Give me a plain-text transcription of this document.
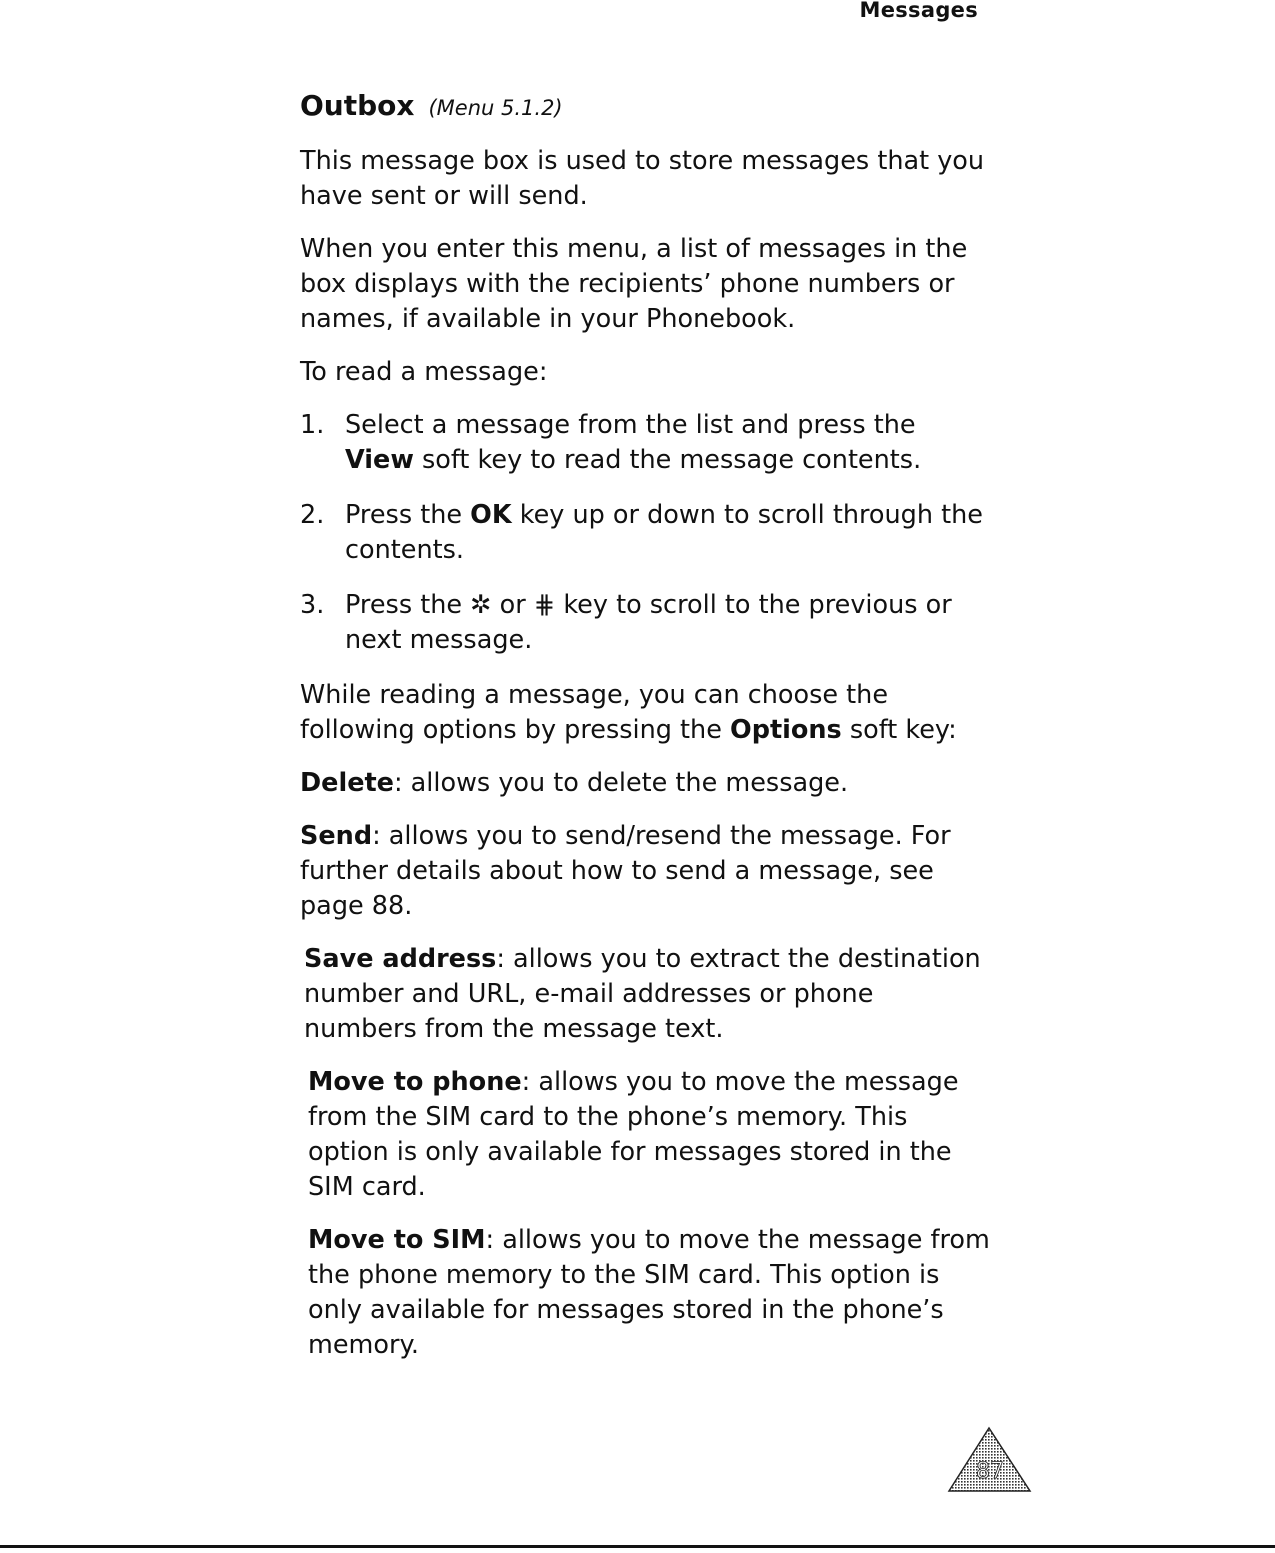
Messages
Outbox (Menu 5.1.2)

This message box is used to store messages that you have sent or will send.

When you enter this menu, a list of messages in the box displays with the recipients’ phone numbers or names, if available in your Phonebook.

To read a message:

1. Select a message from the list and press the View soft key to read the message contents.
2. Press the OK key up or down to scroll through the contents.
3. Press the ✲ or ⋕ key to scroll to the previous or next message.

While reading a message, you can choose the following options by pressing the Options soft key:

Delete: allows you to delete the message.

Send: allows you to send/resend the message. For further details about how to send a message, see page 88.

Save address: allows you to extract the destination number and URL, e-mail addresses or phone numbers from the message text.

Move to phone: allows you to move the message from the SIM card to the phone’s memory. This option is only available for messages stored in the SIM card.

Move to SIM: allows you to move the message from the phone memory to the SIM card. This option is only available for messages stored in the phone’s memory.

87
